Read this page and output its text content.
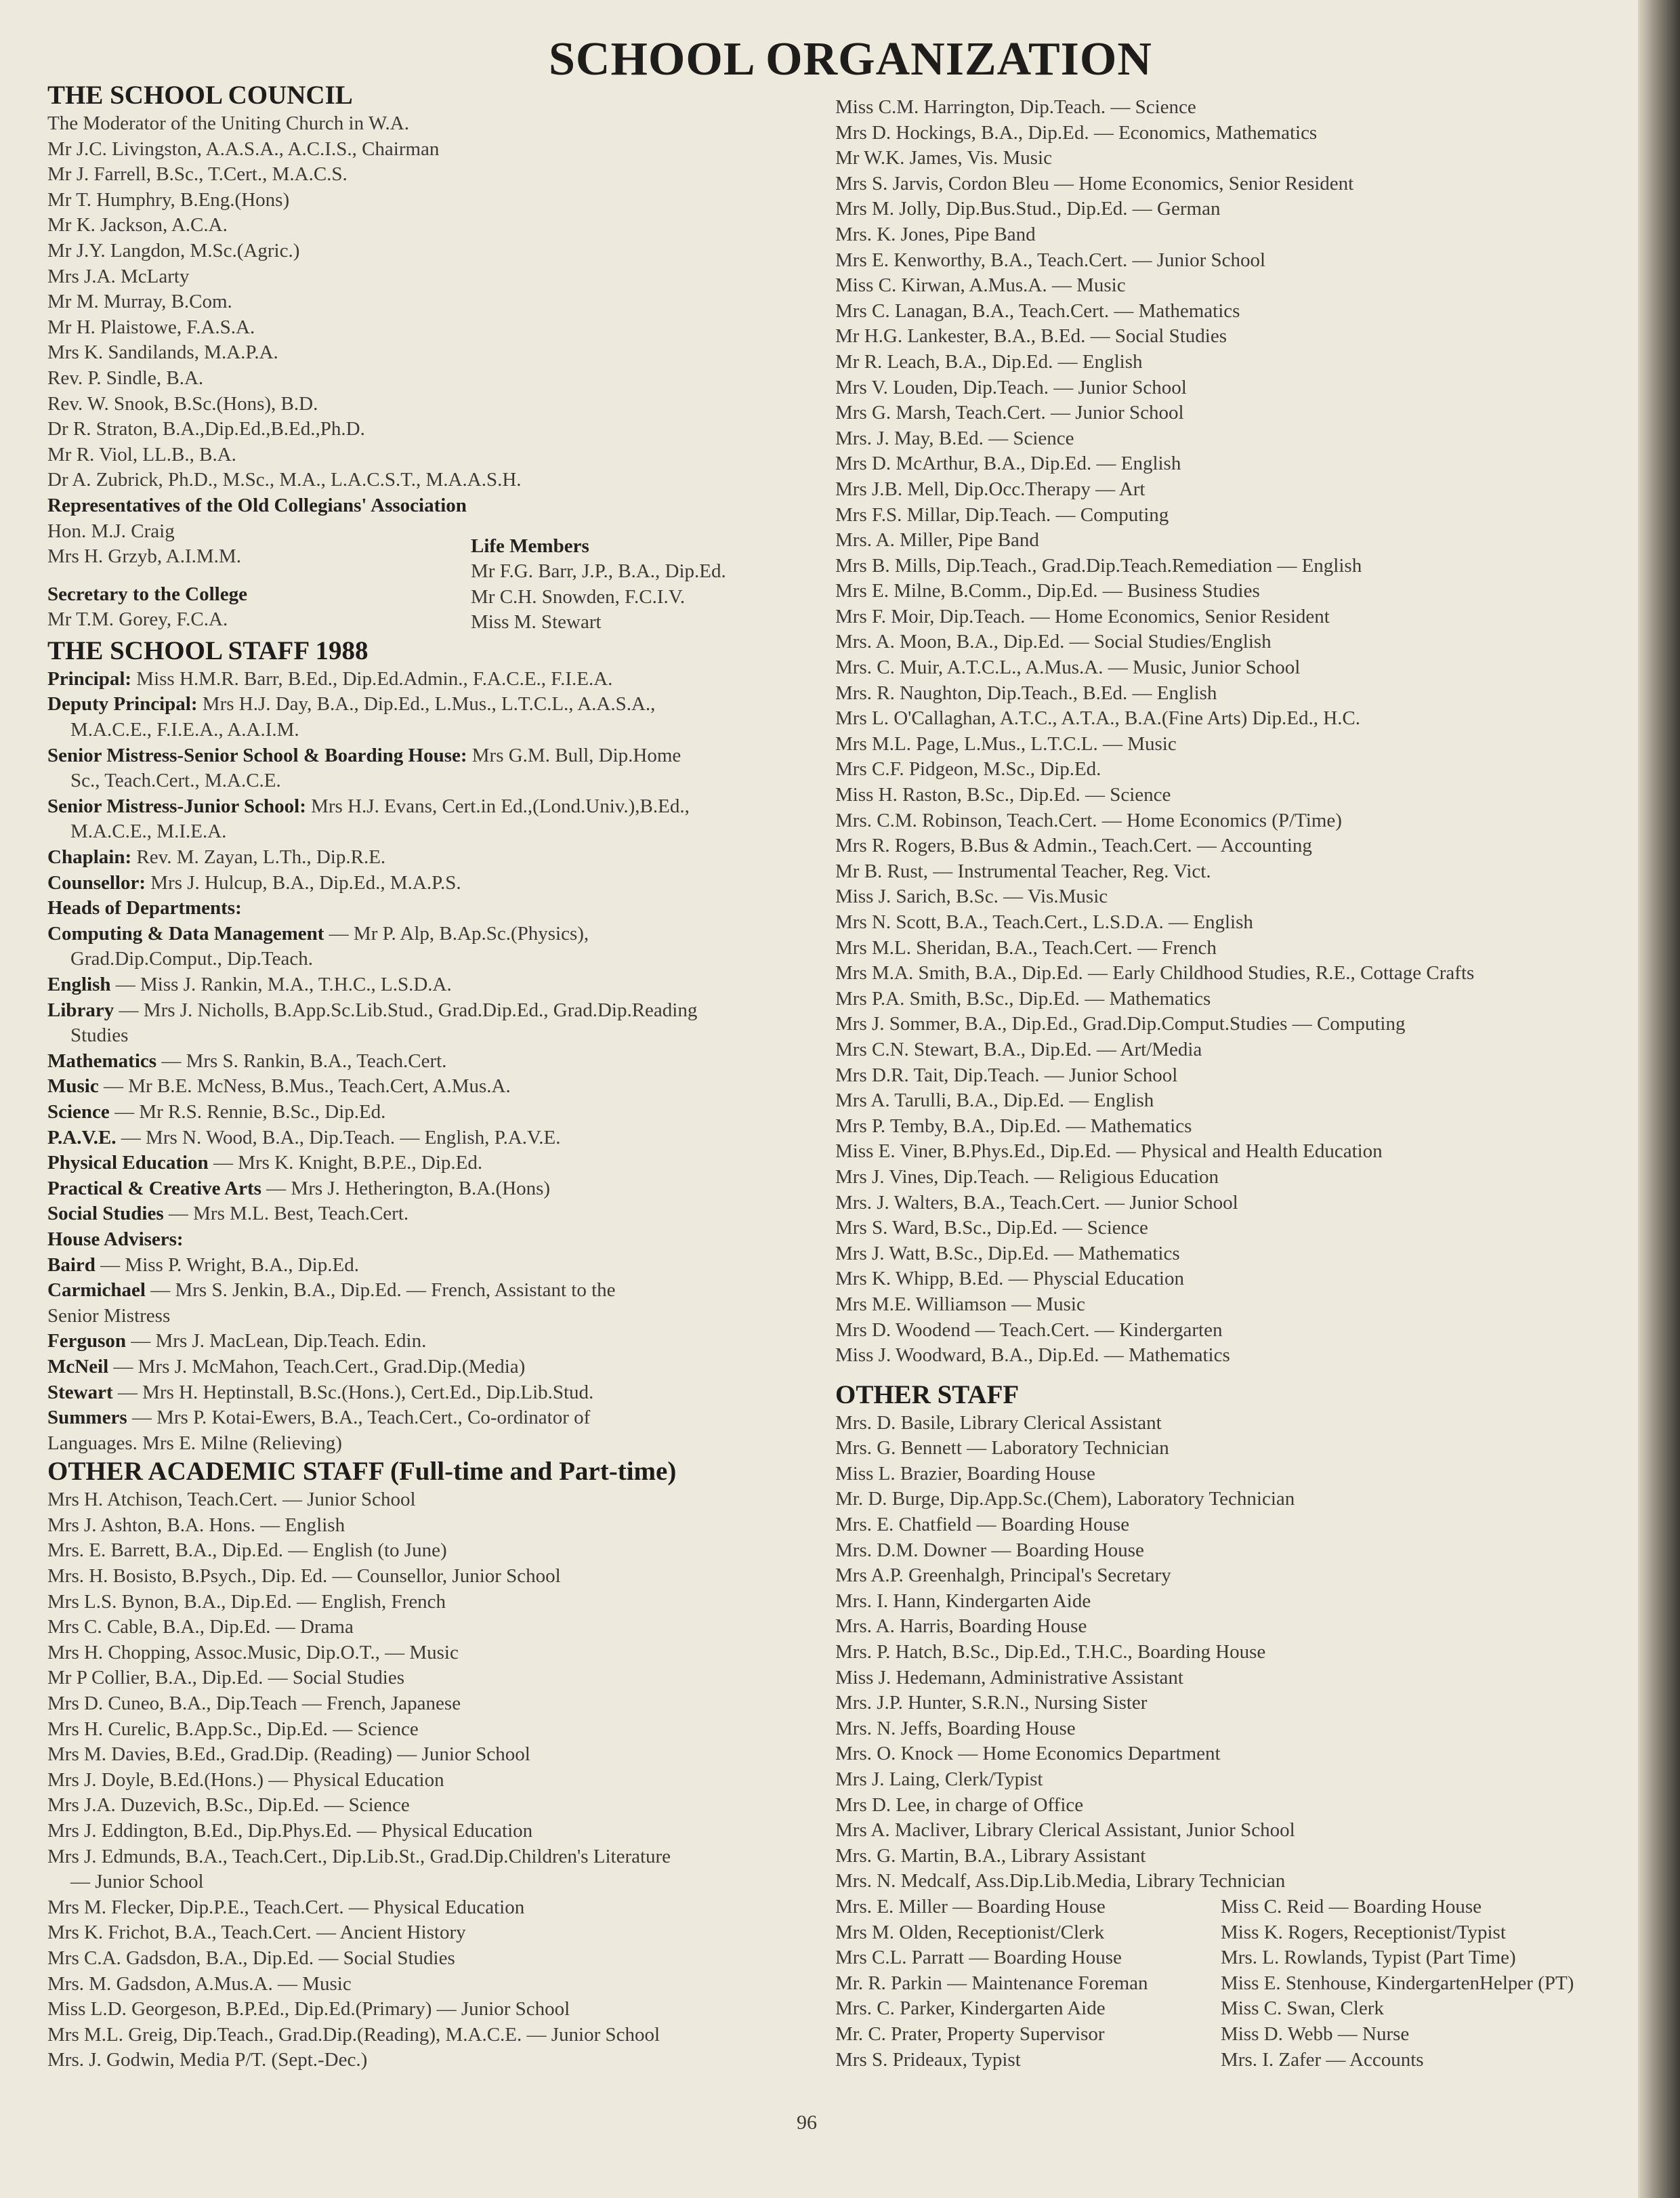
SCHOOL ORGANIZATION
THE SCHOOL COUNCIL
The Moderator of the Uniting Church in W.A.
Mr J.C. Livingston, A.A.S.A., A.C.I.S., Chairman
Mr J. Farrell, B.Sc., T.Cert., M.A.C.S.
Mr T. Humphry, B.Eng.(Hons)
Mr K. Jackson, A.C.A.
Mr J.Y. Langdon, M.Sc.(Agric.)
Mrs J.A. McLarty
Mr M. Murray, B.Com.
Mr H. Plaistowe, F.A.S.A.
Mrs K. Sandilands, M.A.P.A.
Rev. P. Sindle, B.A.
Rev. W. Snook, B.Sc.(Hons), B.D.
Dr R. Straton, B.A.,Dip.Ed.,B.Ed.,Ph.D.
Mr R. Viol, LL.B., B.A.
Dr A. Zubrick, Ph.D., M.Sc., M.A., L.A.C.S.T., M.A.A.S.H.
Representatives of the Old Collegians' Association
Hon. M.J. Craig
Mrs H. Grzyb, A.I.M.M.
Secretary to the College
Mr T.M. Gorey, F.C.A.
Life Members
Mr F.G. Barr, J.P., B.A., Dip.Ed.
Mr C.H. Snowden, F.C.I.V.
Miss M. Stewart
THE SCHOOL STAFF 1988
Principal: Miss H.M.R. Barr, B.Ed., Dip.Ed.Admin., F.A.C.E., F.I.E.A.
Deputy Principal: Mrs H.J. Day, B.A., Dip.Ed., L.Mus., L.T.C.L., A.A.S.A.,
M.A.C.E., F.I.E.A., A.A.I.M.
Senior Mistress-Senior School & Boarding House: Mrs G.M. Bull, Dip.Home
Sc., Teach.Cert., M.A.C.E.
Senior Mistress-Junior School: Mrs H.J. Evans, Cert.in Ed.,(Lond.Univ.),B.Ed.,
M.A.C.E., M.I.E.A.
Chaplain: Rev. M. Zayan, L.Th., Dip.R.E.
Counsellor: Mrs J. Hulcup, B.A., Dip.Ed., M.A.P.S.
Heads of Departments:
Computing & Data Management — Mr P. Alp, B.Ap.Sc.(Physics),
Grad.Dip.Comput., Dip.Teach.
English — Miss J. Rankin, M.A., T.H.C., L.S.D.A.
Library — Mrs J. Nicholls, B.App.Sc.Lib.Stud., Grad.Dip.Ed., Grad.Dip.Reading
Studies
Mathematics — Mrs S. Rankin, B.A., Teach.Cert.
Music — Mr B.E. McNess, B.Mus., Teach.Cert, A.Mus.A.
Science — Mr R.S. Rennie, B.Sc., Dip.Ed.
P.A.V.E. — Mrs N. Wood, B.A., Dip.Teach. — English, P.A.V.E.
Physical Education — Mrs K. Knight, B.P.E., Dip.Ed.
Practical & Creative Arts — Mrs J. Hetherington, B.A.(Hons)
Social Studies — Mrs M.L. Best, Teach.Cert.
House Advisers:
Baird — Miss P. Wright, B.A., Dip.Ed.
Carmichael — Mrs S. Jenkin, B.A., Dip.Ed. — French, Assistant to the
Senior Mistress
Ferguson — Mrs J. MacLean, Dip.Teach. Edin.
McNeil — Mrs J. McMahon, Teach.Cert., Grad.Dip.(Media)
Stewart — Mrs H. Heptinstall, B.Sc.(Hons.), Cert.Ed., Dip.Lib.Stud.
Summers — Mrs P. Kotai-Ewers, B.A., Teach.Cert., Co-ordinator of
Languages. Mrs E. Milne (Relieving)
OTHER ACADEMIC STAFF (Full-time and Part-time)
Mrs H. Atchison, Teach.Cert. — Junior School
Mrs J. Ashton, B.A. Hons. — English
Mrs. E. Barrett, B.A., Dip.Ed. — English (to June)
Mrs. H. Bosisto, B.Psych., Dip. Ed. — Counsellor, Junior School
Mrs L.S. Bynon, B.A., Dip.Ed. — English, French
Mrs C. Cable, B.A., Dip.Ed. — Drama
Mrs H. Chopping, Assoc.Music, Dip.O.T., — Music
Mr P Collier, B.A., Dip.Ed. — Social Studies
Mrs D. Cuneo, B.A., Dip.Teach — French, Japanese
Mrs H. Curelic, B.App.Sc., Dip.Ed. — Science
Mrs M. Davies, B.Ed., Grad.Dip. (Reading) — Junior School
Mrs J. Doyle, B.Ed.(Hons.) — Physical Education
Mrs J.A. Duzevich, B.Sc., Dip.Ed. — Science
Mrs J. Eddington, B.Ed., Dip.Phys.Ed. — Physical Education
Mrs J. Edmunds, B.A., Teach.Cert., Dip.Lib.St., Grad.Dip.Children's Literature
— Junior School
Mrs M. Flecker, Dip.P.E., Teach.Cert. — Physical Education
Mrs K. Frichot, B.A., Teach.Cert. — Ancient History
Mrs C.A. Gadsdon, B.A., Dip.Ed. — Social Studies
Mrs. M. Gadsdon, A.Mus.A. — Music
Miss L.D. Georgeson, B.P.Ed., Dip.Ed.(Primary) — Junior School
Mrs M.L. Greig, Dip.Teach., Grad.Dip.(Reading), M.A.C.E. — Junior School
Mrs. J. Godwin, Media P/T. (Sept.-Dec.)
Miss C.M. Harrington, Dip.Teach. — Science
Mrs D. Hockings, B.A., Dip.Ed. — Economics, Mathematics
Mr W.K. James, Vis. Music
Mrs S. Jarvis, Cordon Bleu — Home Economics, Senior Resident
Mrs M. Jolly, Dip.Bus.Stud., Dip.Ed. — German
Mrs. K. Jones, Pipe Band
Mrs E. Kenworthy, B.A., Teach.Cert. — Junior School
Miss C. Kirwan, A.Mus.A. — Music
Mrs C. Lanagan, B.A., Teach.Cert. — Mathematics
Mr H.G. Lankester, B.A., B.Ed. — Social Studies
Mr R. Leach, B.A., Dip.Ed. — English
Mrs V. Louden, Dip.Teach. — Junior School
Mrs G. Marsh, Teach.Cert. — Junior School
Mrs. J. May, B.Ed. — Science
Mrs D. McArthur, B.A., Dip.Ed. — English
Mrs J.B. Mell, Dip.Occ.Therapy — Art
Mrs F.S. Millar, Dip.Teach. — Computing
Mrs. A. Miller, Pipe Band
Mrs B. Mills, Dip.Teach., Grad.Dip.Teach.Remediation — English
Mrs E. Milne, B.Comm., Dip.Ed. — Business Studies
Mrs F. Moir, Dip.Teach. — Home Economics, Senior Resident
Mrs. A. Moon, B.A., Dip.Ed. — Social Studies/English
Mrs. C. Muir, A.T.C.L., A.Mus.A. — Music, Junior School
Mrs. R. Naughton, Dip.Teach., B.Ed. — English
Mrs L. O'Callaghan, A.T.C., A.T.A., B.A.(Fine Arts) Dip.Ed., H.C.
Mrs M.L. Page, L.Mus., L.T.C.L. — Music
Mrs C.F. Pidgeon, M.Sc., Dip.Ed.
Miss H. Raston, B.Sc., Dip.Ed. — Science
Mrs. C.M. Robinson, Teach.Cert. — Home Economics (P/Time)
Mrs R. Rogers, B.Bus & Admin., Teach.Cert. — Accounting
Mr B. Rust, — Instrumental Teacher, Reg. Vict.
Miss J. Sarich, B.Sc. — Vis.Music
Mrs N. Scott, B.A., Teach.Cert., L.S.D.A. — English
Mrs M.L. Sheridan, B.A., Teach.Cert. — French
Mrs M.A. Smith, B.A., Dip.Ed. — Early Childhood Studies, R.E., Cottage Crafts
Mrs P.A. Smith, B.Sc., Dip.Ed. — Mathematics
Mrs J. Sommer, B.A., Dip.Ed., Grad.Dip.Comput.Studies — Computing
Mrs C.N. Stewart, B.A., Dip.Ed. — Art/Media
Mrs D.R. Tait, Dip.Teach. — Junior School
Mrs A. Tarulli, B.A., Dip.Ed. — English
Mrs P. Temby, B.A., Dip.Ed. — Mathematics
Miss E. Viner, B.Phys.Ed., Dip.Ed. — Physical and Health Education
Mrs J. Vines, Dip.Teach. — Religious Education
Mrs. J. Walters, B.A., Teach.Cert. — Junior School
Mrs S. Ward, B.Sc., Dip.Ed. — Science
Mrs J. Watt, B.Sc., Dip.Ed. — Mathematics
Mrs K. Whipp, B.Ed. — Physcial Education
Mrs M.E. Williamson — Music
Mrs D. Woodend — Teach.Cert. — Kindergarten
Miss J. Woodward, B.A., Dip.Ed. — Mathematics
OTHER STAFF
Mrs. D. Basile, Library Clerical Assistant
Mrs. G. Bennett — Laboratory Technician
Miss L. Brazier, Boarding House
Mr. D. Burge, Dip.App.Sc.(Chem), Laboratory Technician
Mrs. E. Chatfield — Boarding House
Mrs. D.M. Downer — Boarding House
Mrs A.P. Greenhalgh, Principal's Secretary
Mrs. I. Hann, Kindergarten Aide
Mrs. A. Harris, Boarding House
Mrs. P. Hatch, B.Sc., Dip.Ed., T.H.C., Boarding House
Miss J. Hedemann, Administrative Assistant
Mrs. J.P. Hunter, S.R.N., Nursing Sister
Mrs. N. Jeffs, Boarding House
Mrs. O. Knock — Home Economics Department
Mrs J. Laing, Clerk/Typist
Mrs D. Lee, in charge of Office
Mrs A. Macliver, Library Clerical Assistant, Junior School
Mrs. G. Martin, B.A., Library Assistant
Mrs. N. Medcalf, Ass.Dip.Lib.Media, Library Technician
Mrs. E. Miller — Boarding House
Mrs M. Olden, Receptionist/Clerk
Mrs C.L. Parratt — Boarding House
Mr. R. Parkin — Maintenance Foreman
Mrs. C. Parker, Kindergarten Aide
Mr. C. Prater, Property Supervisor
Mrs S. Prideaux, Typist
Miss C. Reid — Boarding House
Miss K. Rogers, Receptionist/Typist
Mrs. L. Rowlands, Typist (Part Time)
Miss E. Stenhouse, KindergartenHelper (PT)
Miss C. Swan, Clerk
Miss D. Webb — Nurse
Mrs. I. Zafer — Accounts
96
